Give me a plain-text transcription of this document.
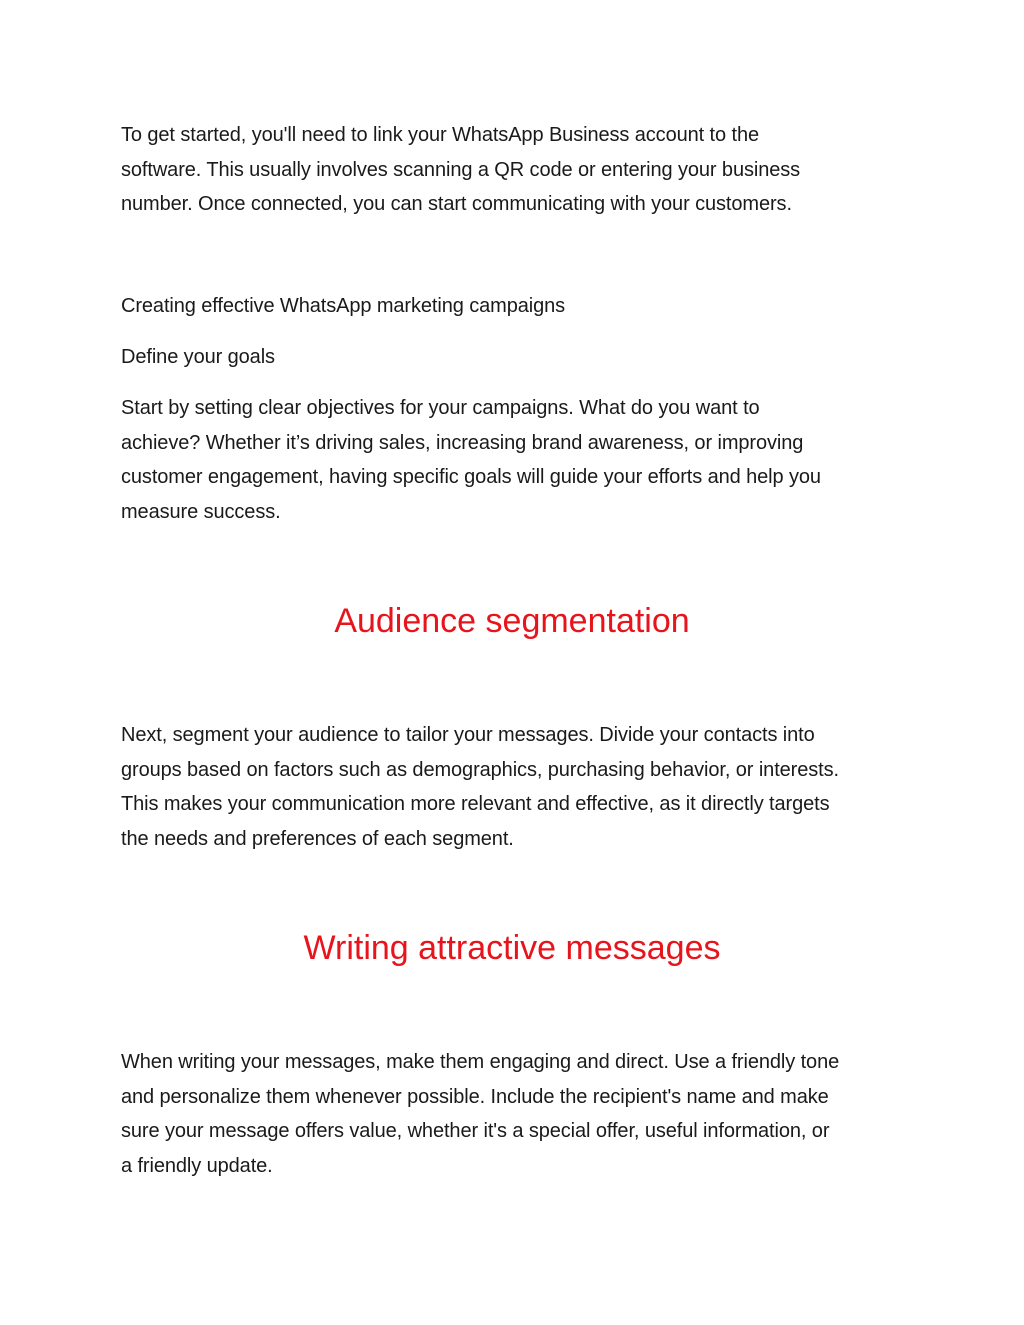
To get started, you'll need to link your WhatsApp Business account to the
software. This usually involves scanning a QR code or entering your business
number. Once connected, you can start communicating with your customers.

Creating effective WhatsApp marketing campaigns

Define your goals

Start by setting clear objectives for your campaigns. What do you want to
achieve? Whether it’s driving sales, increasing brand awareness, or improving
customer engagement, having specific goals will guide your efforts and help you
measure success.

Audience segmentation

Next, segment your audience to tailor your messages. Divide your contacts into
groups based on factors such as demographics, purchasing behavior, or interests.
This makes your communication more relevant and effective, as it directly targets
the needs and preferences of each segment.

Writing attractive messages

When writing your messages, make them engaging and direct. Use a friendly tone
and personalize them whenever possible. Include the recipient's name and make
sure your message offers value, whether it's a special offer, useful information, or
a friendly update.
